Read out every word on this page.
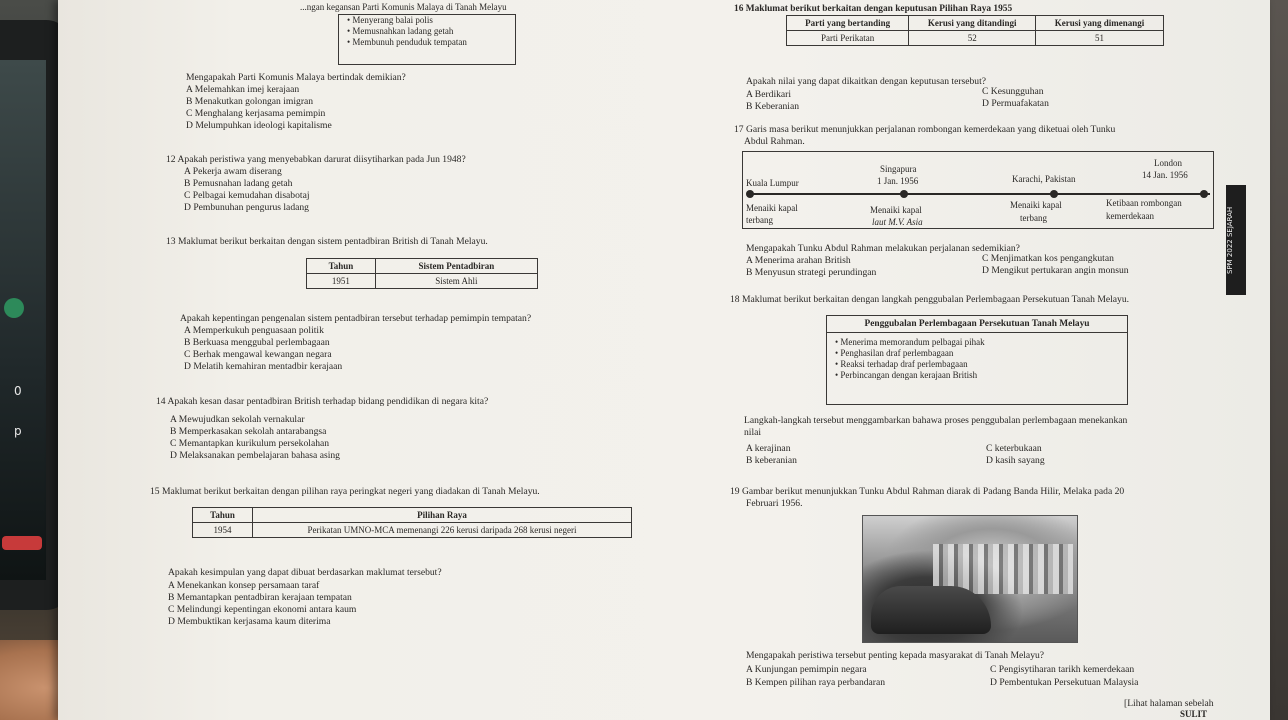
0
p
...ngan kegansan Parti Komunis Malaya di Tanah Melayu	16 Maklumat berikut berkaitan dengan keputusan Pilihan Raya 1955
• Menyerang balai polis
• Memusnahkan ladang getah
• Membunuh penduduk tempatan
Mengapakah Parti Komunis Malaya bertindak demikian?
A Melemahkan imej kerajaan
B Menakutkan golongan imigran
C Menghalang kerjasama pemimpin
D Melumpuhkan ideologi kapitalisme
12 Apakah peristiwa yang menyebabkan darurat diisytiharkan pada Jun 1948?
A Pekerja awam diserang
B Pemusnahan ladang getah
C Pelbagai kemudahan disabotaj
D Pembunuhan pengurus ladang
13 Maklumat berikut berkaitan dengan sistem pentadbiran British di Tanah Melayu.
Tahun	Sistem Pentadbiran
1951	Sistem Ahli
Apakah kepentingan pengenalan sistem pentadbiran tersebut terhadap pemimpin tempatan?
A Memperkukuh penguasaan politik
B Berkuasa menggubal perlembagaan
C Berhak mengawal kewangan negara
D Melatih kemahiran mentadbir kerajaan
14 Apakah kesan dasar pentadbiran British terhadap bidang pendidikan di negara kita?
A Mewujudkan sekolah vernakular
B Memperkasakan sekolah antarabangsa
C Memantapkan kurikulum persekolahan
D Melaksanakan pembelajaran bahasa asing
15 Maklumat berikut berkaitan dengan pilihan raya peringkat negeri yang diadakan di Tanah Melayu.
Tahun	Pilihan Raya
1954	Perikatan UMNO-MCA memenangi 226 kerusi daripada 268 kerusi negeri
Apakah kesimpulan yang dapat dibuat berdasarkan maklumat tersebut?
A Menekankan konsep persamaan taraf
B Memantapkan pentadbiran kerajaan tempatan
C Melindungi kepentingan ekonomi antara kaum
D Membuktikan kerjasama kaum diterima
Parti yang bertanding	Kerusi yang ditandingi	Kerusi yang dimenangi
Parti Perikatan	52	51
Apakah nilai yang dapat dikaitkan dengan keputusan tersebut?
A Berdikari
B Keberanian
C Kesungguhan
D Permuafakatan
17 Garis masa berikut menunjukkan perjalanan rombongan kemerdekaan yang diketuai oleh Tunku
Abdul Rahman.
Kuala Lumpur
Singapura
1 Jan. 1956	Karachi, Pakistan
London
14 Jan. 1956
Menaiki kapal
terbang
Menaiki kapal
laut M.V. Asia
Menaiki kapal
terbang
Ketibaan rombongan
kemerdekaan
Mengapakah Tunku Abdul Rahman melakukan perjalanan sedemikian?
A Menerima arahan British
B Menyusun strategi perundingan
C Menjimatkan kos pengangkutan
D Mengikut pertukaran angin monsun	SPM 2022 SEJARAH
18 Maklumat berikut berkaitan dengan langkah penggubalan Perlembagaan Persekutuan Tanah Melayu.
Penggubalan Perlembagaan Persekutuan Tanah Melayu
• Menerima memorandum pelbagai pihak
• Penghasilan draf perlembagaan
• Reaksi terhadap draf perlembagaan
• Perbincangan dengan kerajaan British
Langkah-langkah tersebut menggambarkan bahawa proses penggubalan perlembagaan menekankan
nilai
A kerajinan
B keberanian
C keterbukaan
D kasih sayang
19 Gambar berikut menunjukkan Tunku Abdul Rahman diarak di Padang Banda Hilir, Melaka pada 20
Februari 1956.
Mengapakah peristiwa tersebut penting kepada masyarakat di Tanah Melayu?
A Kunjungan pemimpin negara
B Kempen pilihan raya perbandaran
C Pengisytiharan tarikh kemerdekaan
D Pembentukan Persekutuan Malaysia
[Lihat halaman sebelah
SULIT
